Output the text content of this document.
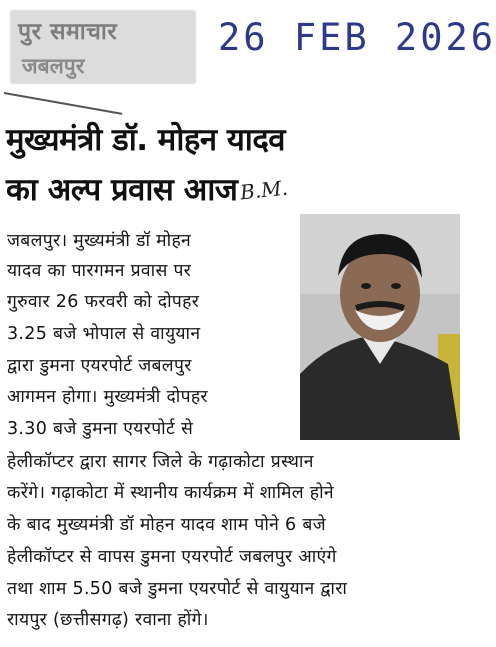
पुर समाचार
जबलपुर
26 FEB 2026
मुख्यमंत्री डॉ. मोहन यादव
का अल्प प्रवास आज B.M.
जबलपुर। मुख्यमंत्री डॉ मोहन
यादव का पारगमन प्रवास पर
गुरुवार 26 फरवरी को दोपहर
3.25 बजे भोपाल से वायुयान
द्वारा डुमना एयरपोर्ट जबलपुर
आगमन होगा। मुख्यमंत्री दोपहर
3.30 बजे डुमना एयरपोर्ट से
हेलीकॉप्टर द्वारा सागर जिले के गढ़ाकोटा प्रस्थान
करेंगे। गढ़ाकोटा में स्थानीय कार्यक्रम में शामिल होने
के बाद मुख्यमंत्री डॉ मोहन यादव शाम पोने 6 बजे
हेलीकॉप्टर से वापस डुमना एयरपोर्ट जबलपुर आएंगे
तथा शाम 5.50 बजे डुमना एयरपोर्ट से वायुयान द्वारा
रायपुर (छत्तीसगढ़) रवाना होंगे।
